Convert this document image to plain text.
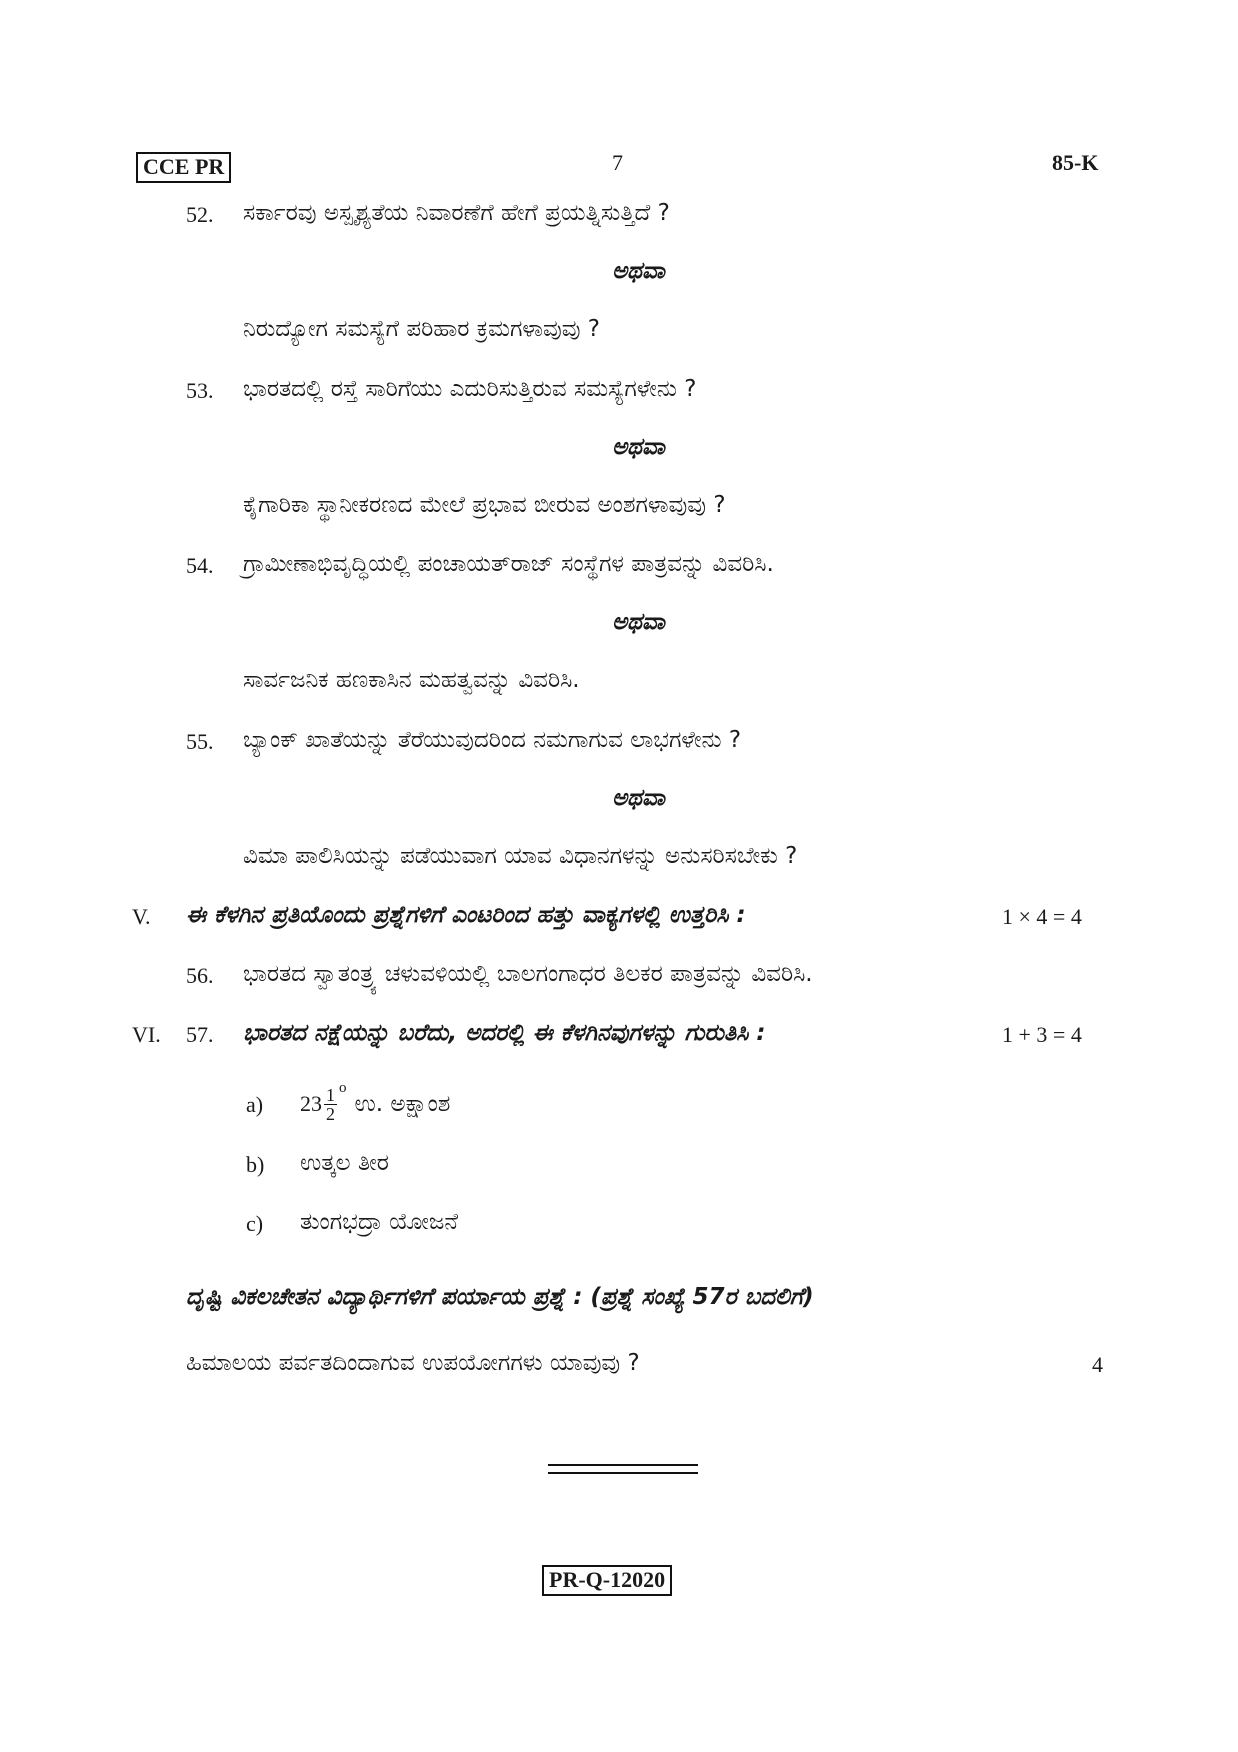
CCE PR	7	85-K
52. ಸರ್ಕಾರವು ಅಸ್ಪೃಶ್ಯತೆಯ ನಿವಾರಣೆಗೆ ಹೇಗೆ ಪ್ರಯತ್ನಿಸುತ್ತಿದೆ ?
ಅಥವಾ
ನಿರುದ್ಯೋಗ ಸಮಸ್ಯೆಗೆ ಪರಿಹಾರ ಕ್ರಮಗಳಾವುವು ?
53. ಭಾರತದಲ್ಲಿ ರಸ್ತೆ ಸಾರಿಗೆಯು ಎದುರಿಸುತ್ತಿರುವ ಸಮಸ್ಯೆಗಳೇನು ?
ಅಥವಾ
ಕೈಗಾರಿಕಾ ಸ್ಥಾನೀಕರಣದ ಮೇಲೆ ಪ್ರಭಾವ ಬೀರುವ ಅಂಶಗಳಾವುವು ?
54. ಗ್ರಾಮೀಣಾಭಿವೃದ್ಧಿಯಲ್ಲಿ ಪಂಚಾಯತ್‌ರಾಜ್ ಸಂಸ್ಥೆಗಳ ಪಾತ್ರವನ್ನು ವಿವರಿಸಿ.
ಅಥವಾ
ಸಾರ್ವಜನಿಕ ಹಣಕಾಸಿನ ಮಹತ್ವವನ್ನು ವಿವರಿಸಿ.
55. ಬ್ಯಾಂಕ್ ಖಾತೆಯನ್ನು ತೆರೆಯುವುದರಿಂದ ನಮಗಾಗುವ ಲಾಭಗಳೇನು ?
ಅಥವಾ
ವಿಮಾ ಪಾಲಿಸಿಯನ್ನು ಪಡೆಯುವಾಗ ಯಾವ ವಿಧಾನಗಳನ್ನು ಅನುಸರಿಸಬೇಕು ?
V. ಈ ಕೆಳಗಿನ ಪ್ರತಿಯೊಂದು ಪ್ರಶ್ನೆಗಳಿಗೆ ಎಂಟರಿಂದ ಹತ್ತು ವಾಕ್ಯಗಳಲ್ಲಿ ಉತ್ತರಿಸಿ :	1 × 4 = 4
56. ಭಾರತದ ಸ್ವಾತಂತ್ರ್ಯ ಚಳುವಳಿಯಲ್ಲಿ ಬಾಲಗಂಗಾಧರ ತಿಲಕರ ಪಾತ್ರವನ್ನು ವಿವರಿಸಿ.
VI. 57. ಭಾರತದ ನಕ್ಷೆಯನ್ನು ಬರೆದು, ಅದರಲ್ಲಿ ಈ ಕೆಳಗಿನವುಗಳನ್ನು ಗುರುತಿಸಿ :	1 + 3 = 4
a) $23 \frac{1}{2}$ o
ಉ. ಅಕ್ಷಾಂಶ
b) ಉತ್ಕಲ ತೀರ
c) ತುಂಗಭದ್ರಾ ಯೋಜನೆ
ದೃಷ್ಟಿ ವಿಕಲಚೇತನ ವಿದ್ಯಾರ್ಥಿಗಳಿಗೆ ಪರ್ಯಾಯ ಪ್ರಶ್ನೆ : (ಪ್ರಶ್ನೆ ಸಂಖ್ಯೆ 57ರ ಬದಲಿಗೆ)
ಹಿಮಾಲಯ ಪರ್ವತದಿಂದಾಗುವ ಉಪಯೋಗಗಳು ಯಾವುವು ?	4
PR-Q-12020
